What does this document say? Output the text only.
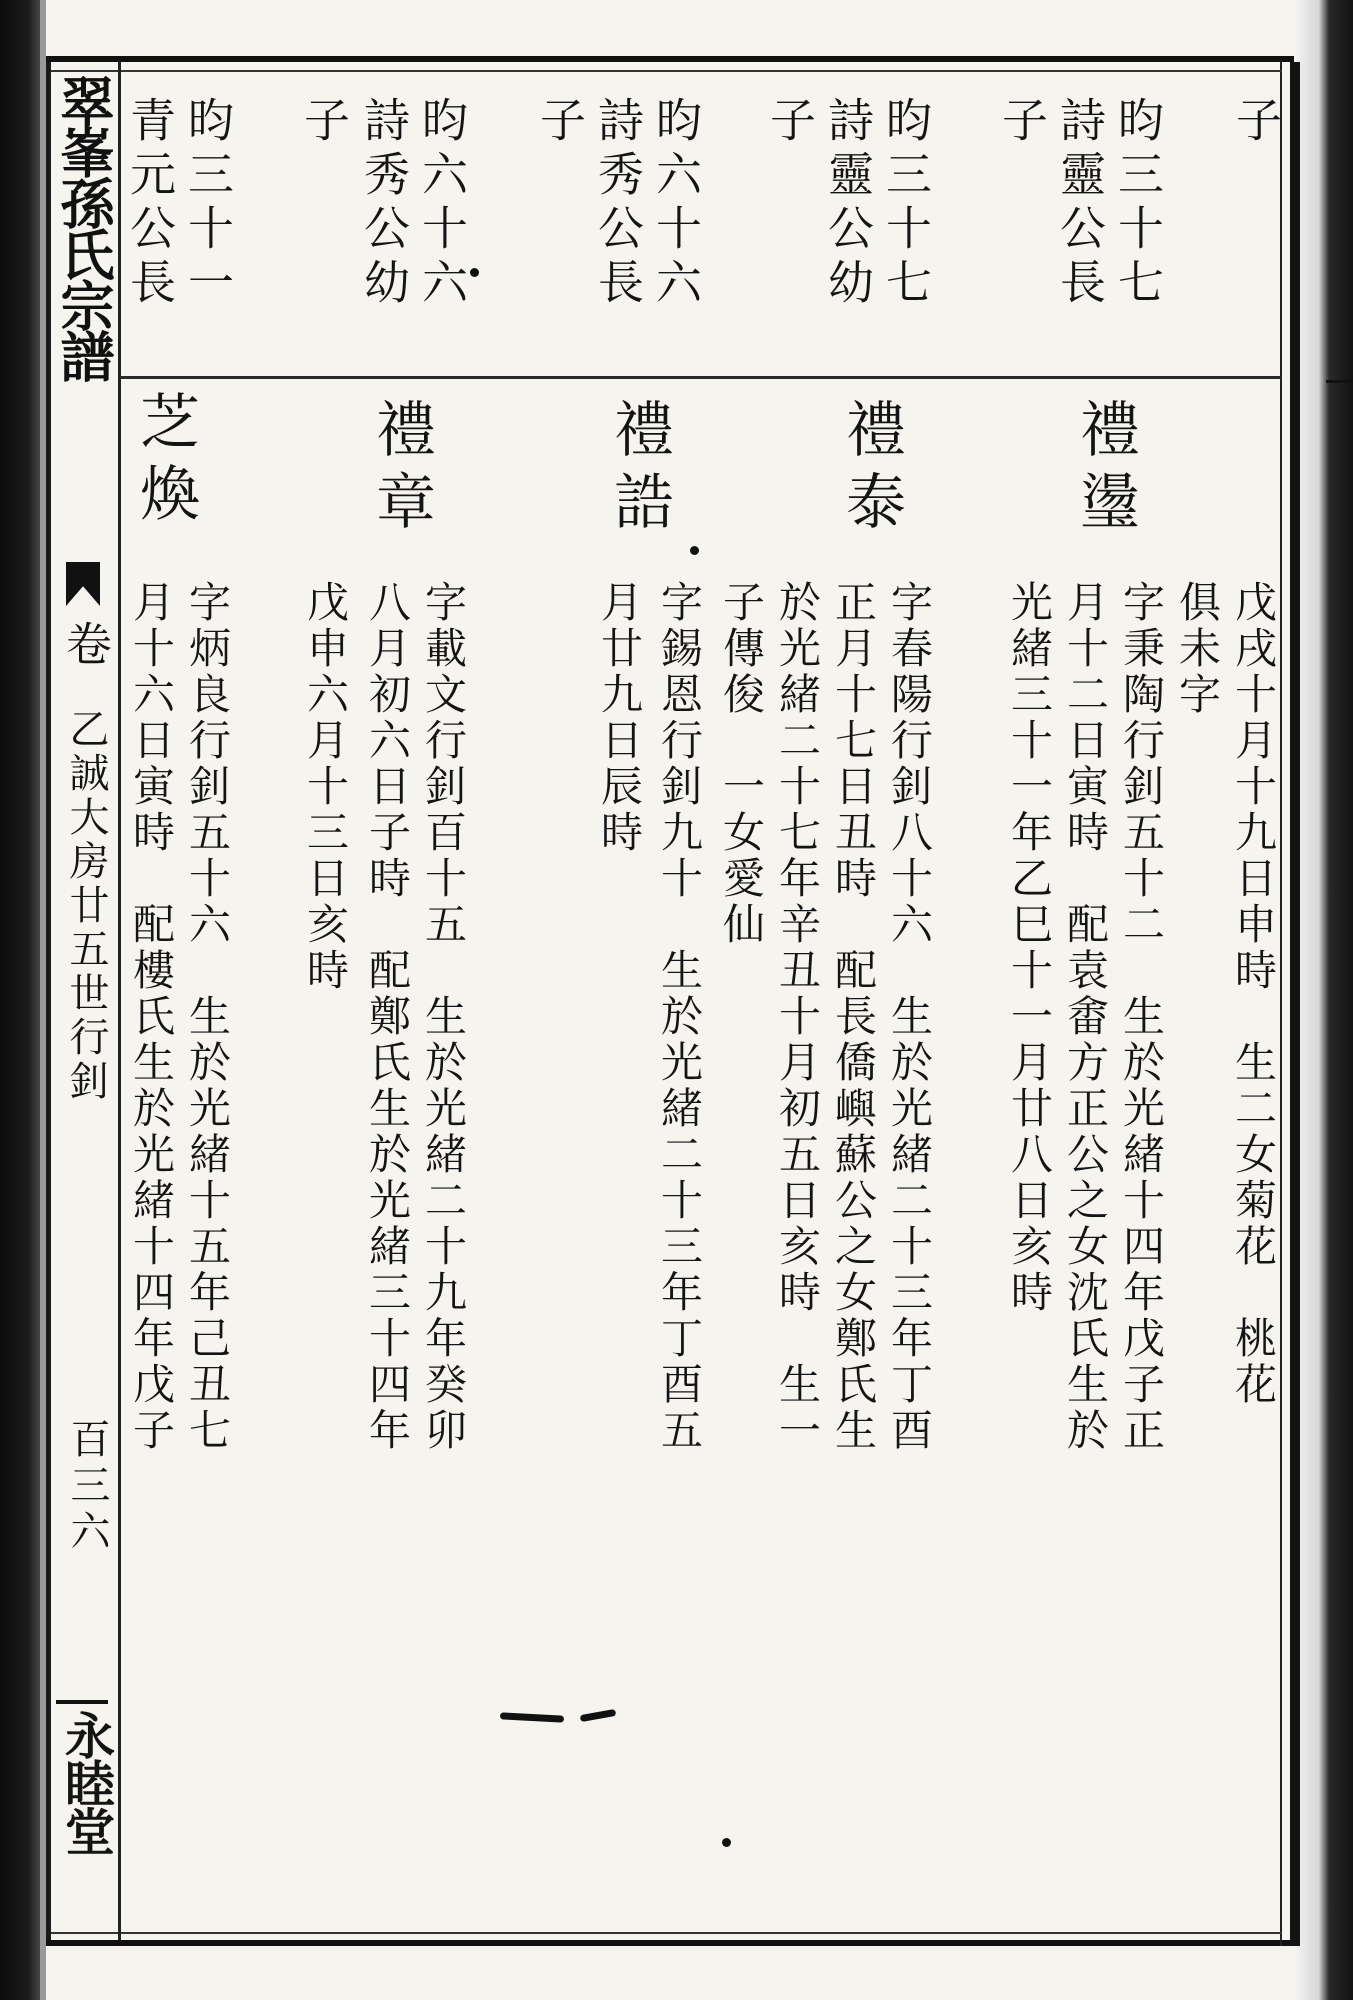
翠峯孫氏宗譜
卷
乙誠大房廿五世行釗
百三六
永睦堂
子
昀三十七
詩靈公長
子
昀三十七
詩靈公幼
子
昀六十六
詩秀公長
子
昀六十六
詩秀公幼
子
昀三十一
青元公長
禮璗
禮泰
禮誥
禮章
芝煥
戊戌十月十九日申時　生二女菊花　桃花
俱未字
字秉陶行釗五十二　生於光緒十四年戊子正
月十二日寅時　配袁畬方正公之女沈氏生於
光緒三十一年乙巳十一月廿八日亥時
字春陽行釗八十六　生於光緒二十三年丁酉
正月十七日丑時　配長僑嶼蘇公之女鄭氏生
於光緒二十七年辛丑十月初五日亥時　生一
子傳俊　一女愛仙
字錫恩行釗九十　生於光緒二十三年丁酉五
月廿九日辰時
字載文行釗百十五　生於光緒二十九年癸卯
八月初六日子時　配鄭氏生於光緒三十四年
戊申六月十三日亥時
字炳良行釗五十六　生於光緒十五年己丑七
月十六日寅時　配樓氏生於光緒十四年戊子
